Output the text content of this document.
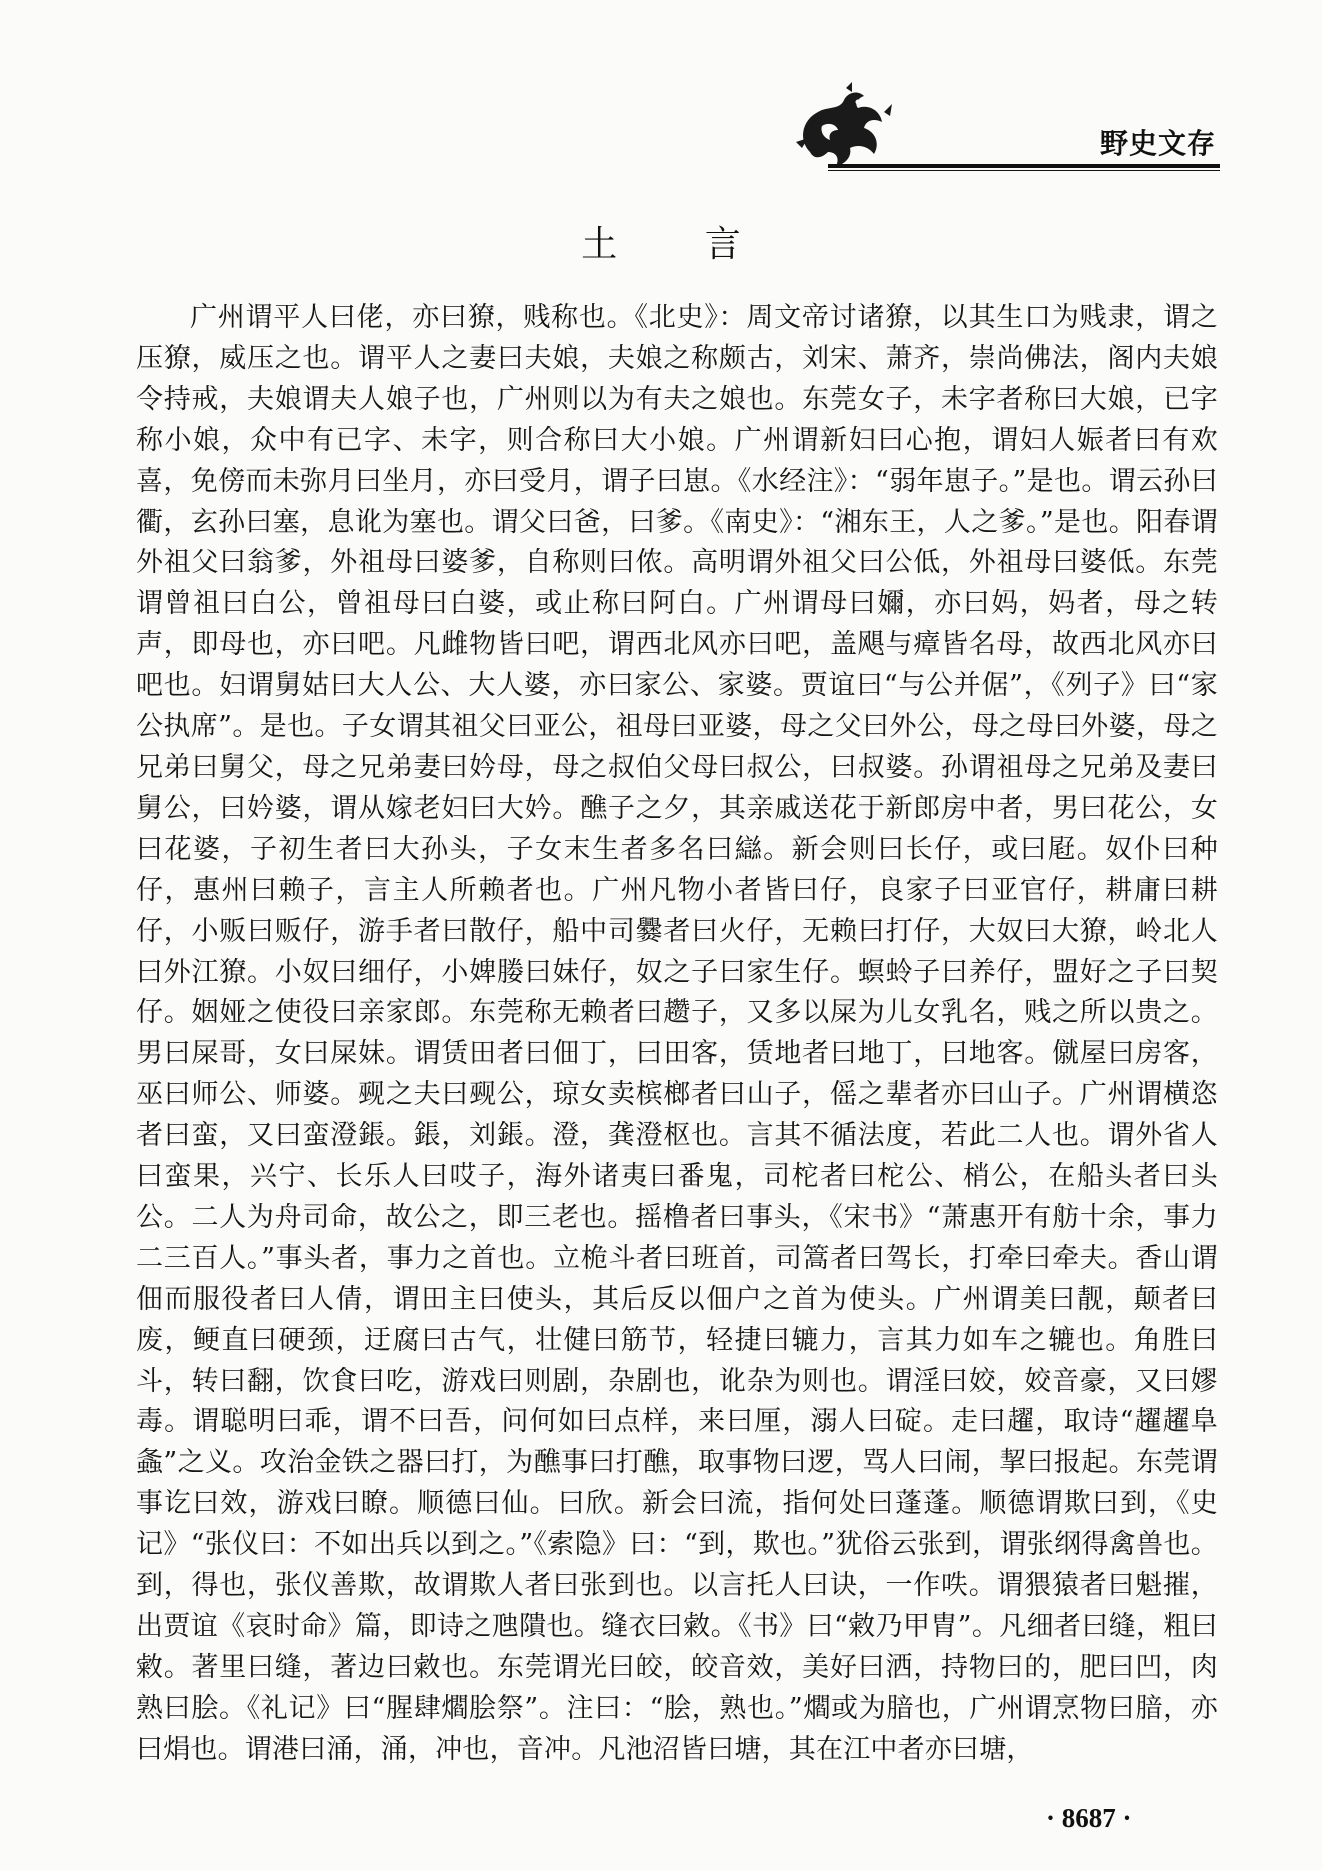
野史文存
土 言
广州谓平人曰佬，亦曰獠，贱称也。《北史》：周文帝讨诸獠，以其生口为贱隶，谓之压獠，威压之也。谓平人之妻曰夫娘，夫娘之称颇古，刘宋、萧齐，崇尚佛法，阁内夫娘令持戒，夫娘谓夫人娘子也，广州则以为有夫之娘也。东莞女子，未字者称曰大娘，已字称小娘，众中有已字、未字，则合称曰大小娘。广州谓新妇曰心抱，谓妇人娠者曰有欢喜，免傍而未弥月曰坐月，亦曰受月，谓子曰崽。《水经注》：“弱年崽子。”是也。谓云孙曰衢，玄孙曰塞，息讹为塞也。谓父曰爸，曰爹。《南史》：“湘东王，人之爹。”是也。阳春谓外祖父曰翁爹，外祖母曰婆爹，自称则曰侬。高明谓外祖父曰公低，外祖母曰婆低。东莞谓曾祖曰白公，曾祖母曰白婆，或止称曰阿白。广州谓母曰嬭，亦曰妈，妈者，母之转声，即母也，亦曰吧。凡雌物皆曰吧，谓西北风亦曰吧，盖飓与瘴皆名母，故西北风亦曰吧也。妇谓舅姑曰大人公、大人婆，亦曰家公、家婆。贾谊曰“与公并倨”，《列子》曰“家公执席”。是也。子女谓其祖父曰亚公，祖母曰亚婆，母之父曰外公，母之母曰外婆，母之兄弟曰舅父，母之兄弟妻曰妗母，母之叔伯父母曰叔公，曰叔婆。孙谓祖母之兄弟及妻曰舅公，曰妗婆，谓从嫁老妇曰大妗。醮子之夕，其亲戚送花于新郎房中者，男曰花公，女曰花婆，子初生者曰大孙头，子女末生者多名曰䜌。新会则曰长仔，或曰屘。奴仆曰种仔，惠州曰赖子，言主人所赖者也。广州凡物小者皆曰仔，良家子曰亚官仔，耕庸曰耕仔，小贩曰贩仔，游手者曰散仔，船中司爨者曰火仔，无赖曰打仔，大奴曰大獠，岭北人曰外江獠。小奴曰细仔，小婢媵曰妹仔，奴之子曰家生仔。螟蛉子曰养仔，盟好之子曰契仔。姻娅之使役曰亲家郎。东莞称无赖者曰趱子，又多以屎为儿女乳名，贱之所以贵之。男曰屎哥，女曰屎妹。谓赁田者曰佃丁，曰田客，赁地者曰地丁，曰地客。僦屋曰房客，巫曰师公、师婆。觋之夫曰觋公，琼女卖槟榔者曰山子，傜之辈者亦曰山子。广州谓横恣者曰蛮，又曰蛮澄鋹。鋹，刘鋹。澄，龚澄枢也。言其不循法度，若此二人也。谓外省人曰蛮果，兴宁、长乐人曰哎子，海外诸夷曰番鬼，司柁者曰柁公、梢公，在船头者曰头公。二人为舟司命，故公之，即三老也。摇橹者曰事头，《宋书》“萧惠开有舫十余，事力二三百人。”事头者，事力之首也。立桅斗者曰班首，司篙者曰驾长，打牵曰牵夫。香山谓佃而服役者曰人倩，谓田主曰使头，其后反以佃户之首为使头。广州谓美曰靓，颠者曰废，鲠直曰硬颈，迂腐曰古气，壮健曰筋节，轻捷曰辘力，言其力如车之辘也。角胜曰斗，转曰翻，饮食曰吃，游戏曰则剧，杂剧也，讹杂为则也。谓淫曰姣，姣音豪，又曰嫪毒。谓聪明曰乖，谓不曰吾，问何如曰点样，来曰厘，溺人曰碇。走曰趯，取诗“趯趯阜螽”之义。攻治金铁之器曰打，为醮事曰打醮，取事物曰逻，骂人曰闹，挈曰报起。东莞谓事讫曰效，游戏曰瞭。顺德曰仙。曰欣。新会曰流，指何处曰蓬蓬。顺德谓欺曰到，《史记》“张仪曰：不如出兵以到之。”《索隐》曰：“到，欺也。”犹俗云张到，谓张纲得禽兽也。到，得也，张仪善欺，故谓欺人者曰张到也。以言托人曰诀，一作呹。谓猥猿者曰魁摧，出贾谊《哀时命》篇，即诗之虺隤也。缝衣曰敹。《书》曰“敹乃甲胄”。凡细者曰缝，粗曰敹。著里曰缝，著边曰敹也。东莞谓光曰皎，皎音效，美好曰洒，持物曰的，肥曰凹，肉熟曰脍。《礼记》曰“腥肆爓脍祭”。注曰：“脍，熟也。”爓或为腤也，广州谓烹物曰腤，亦曰焆也。谓港曰涌，涌，冲也，音冲。凡池沼皆曰塘，其在江中者亦曰塘，
· 8687 ·
